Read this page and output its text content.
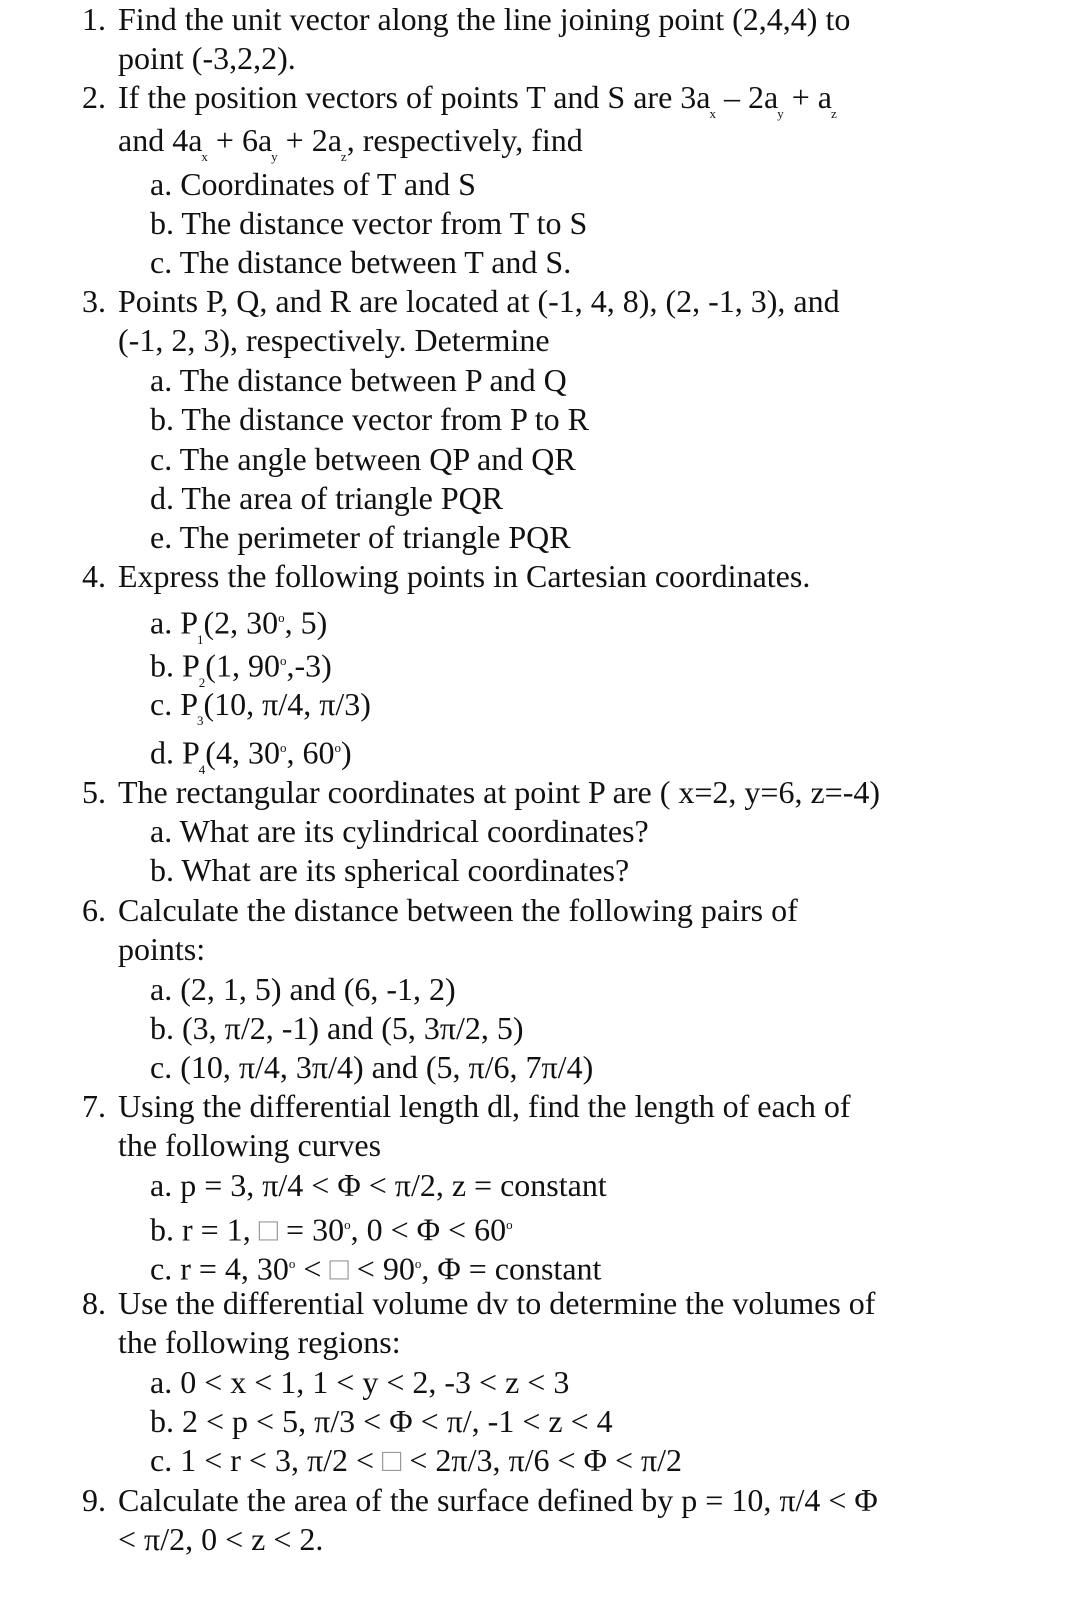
1. Find the unit vector along the line joining point (2,4,4) to
point (-3,2,2).
2. If the position vectors of points T and S are $3a_x - 2a_y + a_z$
and $4a_x + 6a_y + 2a_z$, respectively, find
a. Coordinates of T and S
b. The distance vector from T to S
c. The distance between T and S.
3. Points P, Q, and R are located at (-1, 4, 8), (2, -1, 3), and
(-1, 2, 3), respectively. Determine
a. The distance between P and Q
b. The distance vector from P to R
c. The angle between QP and QR
d. The area of triangle PQR
e. The perimeter of triangle PQR
4. Express the following points in Cartesian coordinates.
a. $P_1(2$, 30$^o$, 5)
b. $P_2(1$, 90$^o$,-3)
c. $P_3(10$, π/4, π/3)
d. $P_4(4$, 30$^o$, 60$^o$)
5. The rectangular coordinates at point P are ( x=2, y=6, z=-4)
a. What are its cylindrical coordinates?
b. What are its spherical coordinates?
6. Calculate the distance between the following pairs of
points:
a. (2, 1, 5) and (6, -1, 2)
b. (3, π/2, -1) and (5, 3π/2, 5)
c. (10, π/4, 3π/4) and (5, π/6, 7π/4)
7. Using the differential length dl, find the length of each of
the following curves
a. p = 3, π/4 < Φ < π/2, z = constant
b. r = 1, □ = $30^o$, $0 < \Phi < 60^o$
c. r = 4, $30^o$ < □ < $90^o$, Φ = constant
8. Use the differential volume dv to determine the volumes of
the following regions:
a. 0 < x < 1, 1 < y < 2, -3 < z < 3
b. 2 < p < 5, π/3 < Φ < π/, -1 < z < 4
c. 1 < r < 3, π/2 < □ < 2π/3, π/6 < Φ < π/2
9. Calculate the area of the surface defined by p = 10, π/4 < Φ
< π/2, 0 < z < 2.
